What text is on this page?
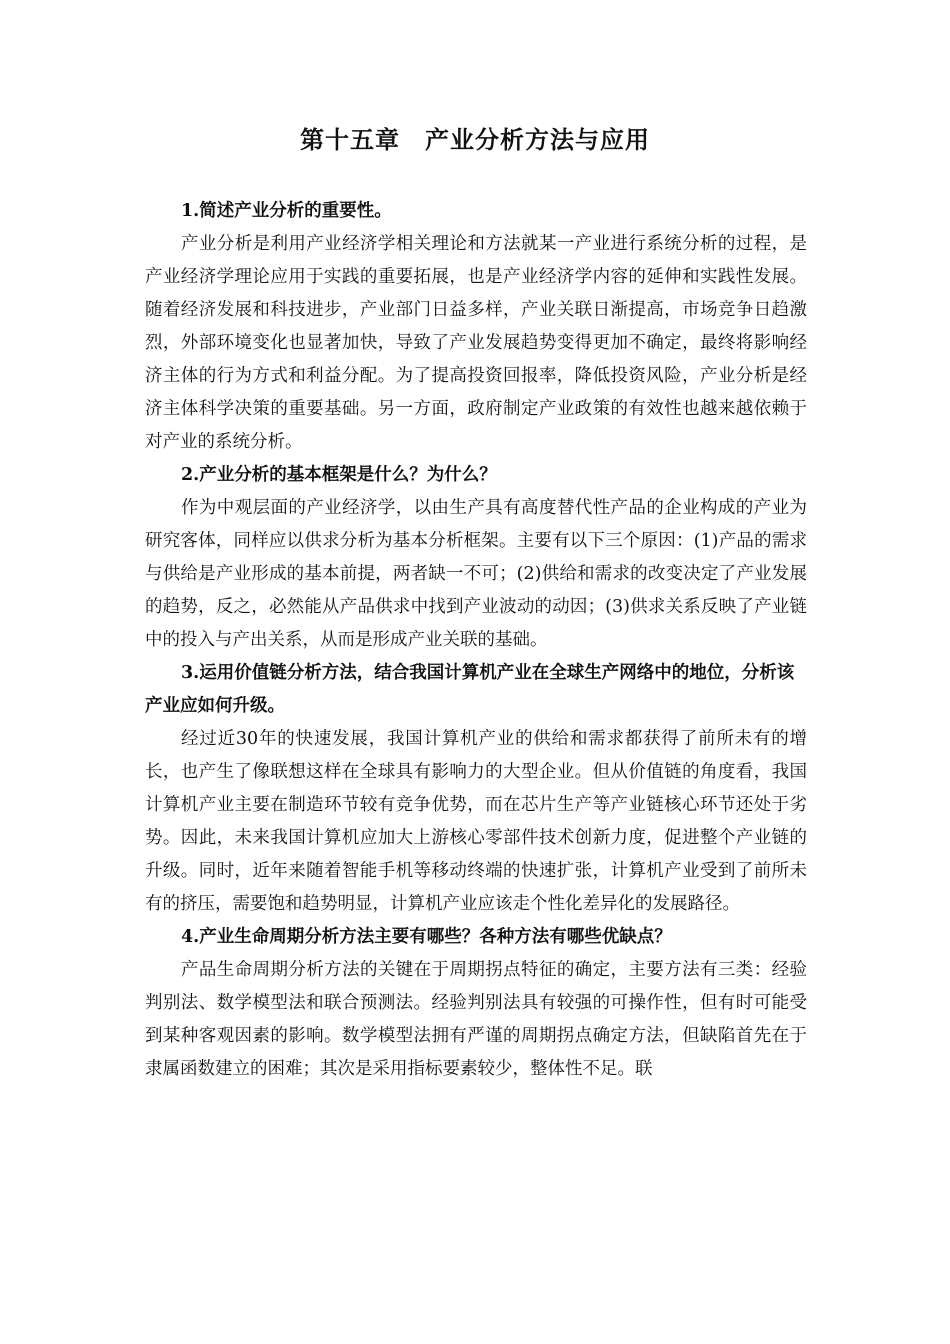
第十五章　产业分析方法与应用

1.简述产业分析的重要性。

产业分析是利用产业经济学相关理论和方法就某一产业进行系统分析的过程，是产业经济学理论应用于实践的重要拓展，也是产业经济学内容的延伸和实践性发展。随着经济发展和科技进步，产业部门日益多样，产业关联日渐提高，市场竞争日趋激烈，外部环境变化也显著加快，导致了产业发展趋势变得更加不确定，最终将影响经济主体的行为方式和利益分配。为了提高投资回报率，降低投资风险，产业分析是经济主体科学决策的重要基础。另一方面，政府制定产业政策的有效性也越来越依赖于对产业的系统分析。

2.产业分析的基本框架是什么？为什么？

作为中观层面的产业经济学，以由生产具有高度替代性产品的企业构成的产业为研究客体，同样应以供求分析为基本分析框架。主要有以下三个原因：(1)产品的需求与供给是产业形成的基本前提，两者缺一不可；(2)供给和需求的改变决定了产业发展的趋势，反之，必然能从产品供求中找到产业波动的动因；(3)供求关系反映了产业链中的投入与产出关系，从而是形成产业关联的基础。

3.运用价值链分析方法，结合我国计算机产业在全球生产网络中的地位，分析该产业应如何升级。

经过近30年的快速发展，我国计算机产业的供给和需求都获得了前所未有的增长，也产生了像联想这样在全球具有影响力的大型企业。但从价值链的角度看，我国计算机产业主要在制造环节较有竞争优势，而在芯片生产等产业链核心环节还处于劣势。因此，未来我国计算机应加大上游核心零部件技术创新力度，促进整个产业链的升级。同时，近年来随着智能手机等移动终端的快速扩张，计算机产业受到了前所未有的挤压，需要饱和趋势明显，计算机产业应该走个性化差异化的发展路径。

4.产业生命周期分析方法主要有哪些？各种方法有哪些优缺点？

产品生命周期分析方法的关键在于周期拐点特征的确定，主要方法有三类：经验判别法、数学模型法和联合预测法。经验判别法具有较强的可操作性，但有时可能受到某种客观因素的影响。数学模型法拥有严谨的周期拐点确定方法，但缺陷首先在于隶属函数建立的困难；其次是采用指标要素较少，整体性不足。联
